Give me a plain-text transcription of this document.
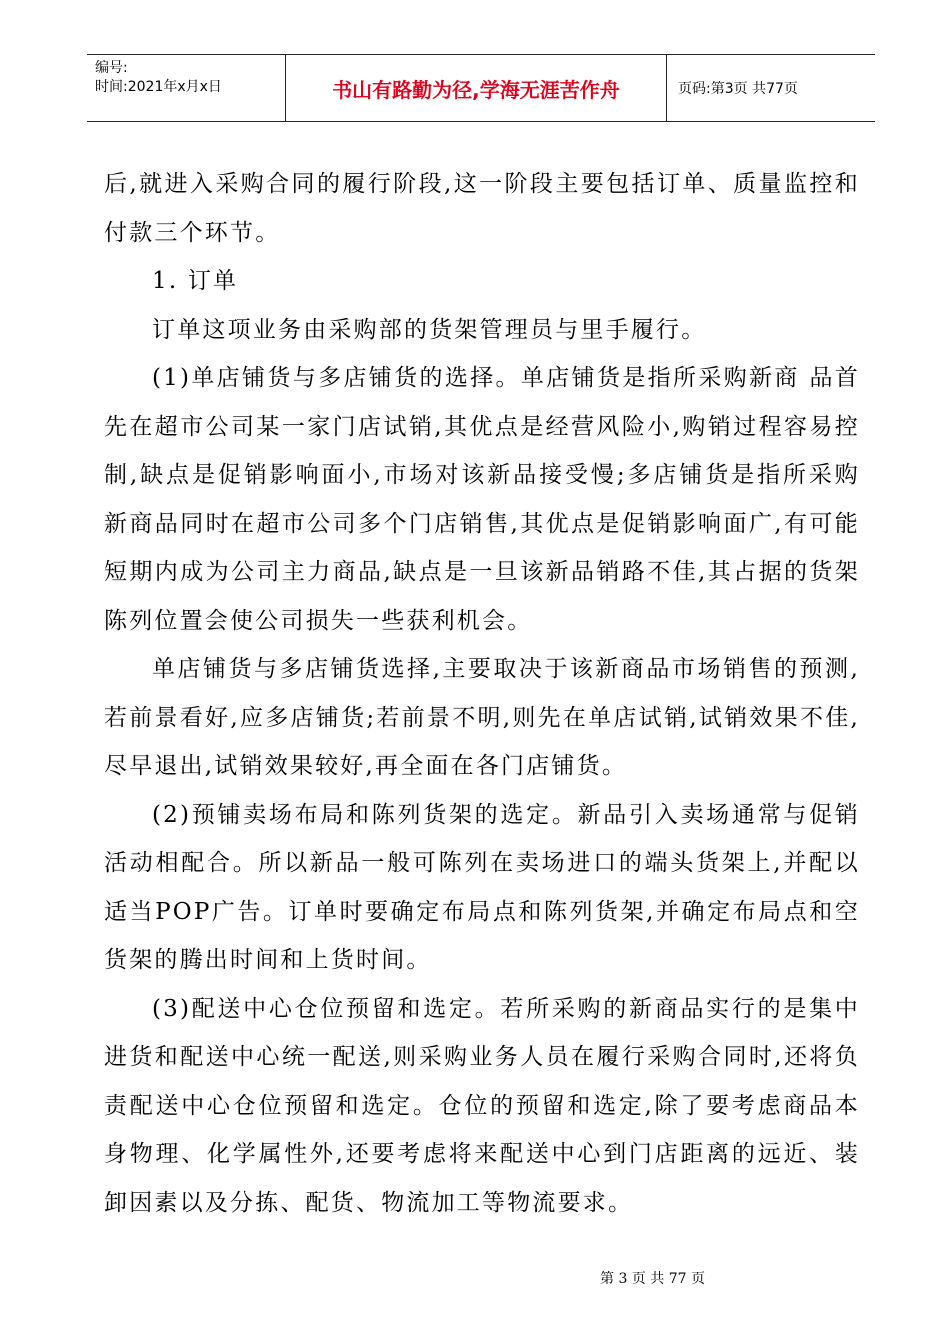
编号:
时间:2021年x月x日	书山有路勤为径,学海无涯苦作舟	页码:第3页 共77页

后,就进入采购合同的履行阶段,这一阶段主要包括订单、质量监控和付款三个环节。

1. 订单

订单这项业务由采购部的货架管理员与里手履行。

(1)单店铺货与多店铺货的选择。单店铺货是指所采购新商 品首先在超市公司某一家门店试销,其优点是经营风险小,购销过程容易控制,缺点是促销影响面小,市场对该新品接受慢;多店铺货是指所采购新商品同时在超市公司多个门店销售,其优点是促销影响面广,有可能短期内成为公司主力商品,缺点是一旦该新品销路不佳,其占据的货架陈列位置会使公司损失一些获利机会。

单店铺货与多店铺货选择,主要取决于该新商品市场销售的预测,若前景看好,应多店铺货;若前景不明,则先在单店试销,试销效果不佳,尽早退出,试销效果较好,再全面在各门店铺货。

(2)预铺卖场布局和陈列货架的选定。新品引入卖场通常与促销活动相配合。所以新品一般可陈列在卖场进口的端头货架上,并配以适当POP广告。订单时要确定布局点和陈列货架,并确定布局点和空货架的腾出时间和上货时间。

(3)配送中心仓位预留和选定。若所采购的新商品实行的是集中进货和配送中心统一配送,则采购业务人员在履行采购合同时,还将负责配送中心仓位预留和选定。仓位的预留和选定,除了要考虑商品本身物理、化学属性外,还要考虑将来配送中心到门店距离的远近、装卸因素以及分拣、配货、物流加工等物流要求。

第 3 页 共 77 页
